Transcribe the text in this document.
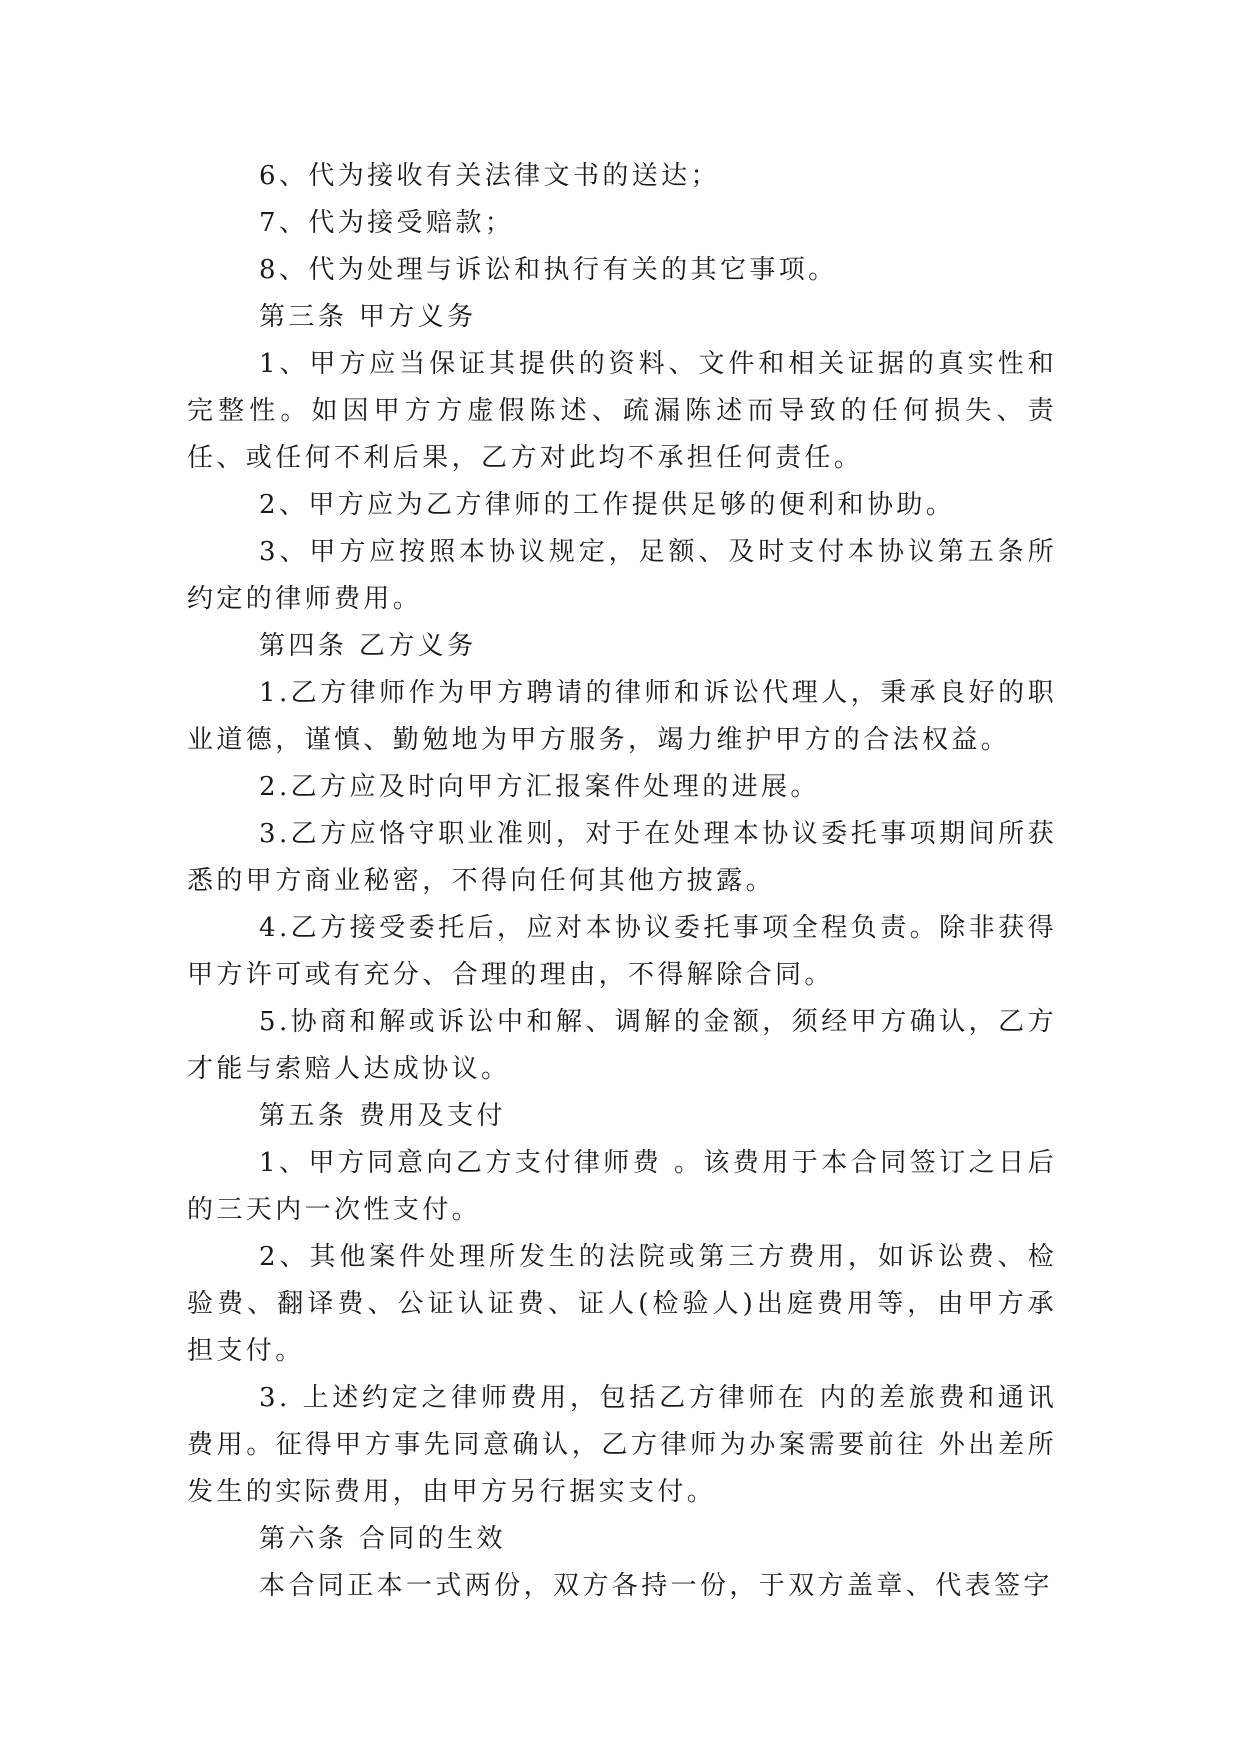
6、代为接收有关法律文书的送达；

7、代为接受赔款；

8、代为处理与诉讼和执行有关的其它事项。

第三条 甲方义务

1、甲方应当保证其提供的资料、文件和相关证据的真实性和完整性。如因甲方方虚假陈述、疏漏陈述而导致的任何损失、责任、或任何不利后果，乙方对此均不承担任何责任。

2、甲方应为乙方律师的工作提供足够的便利和协助。

3、甲方应按照本协议规定，足额、及时支付本协议第五条所约定的律师费用。

第四条 乙方义务

1.乙方律师作为甲方聘请的律师和诉讼代理人，秉承良好的职业道德，谨慎、勤勉地为甲方服务，竭力维护甲方的合法权益。

2.乙方应及时向甲方汇报案件处理的进展。

3.乙方应恪守职业准则，对于在处理本协议委托事项期间所获悉的甲方商业秘密，不得向任何其他方披露。

4.乙方接受委托后，应对本协议委托事项全程负责。除非获得甲方许可或有充分、合理的理由，不得解除合同。

5.协商和解或诉讼中和解、调解的金额，须经甲方确认，乙方才能与索赔人达成协议。

第五条 费用及支付

1、甲方同意向乙方支付律师费 。该费用于本合同签订之日后的三天内一次性支付。

2、其他案件处理所发生的法院或第三方费用，如诉讼费、检验费、翻译费、公证认证费、证人(检验人)出庭费用等，由甲方承担支付。

3. 上述约定之律师费用，包括乙方律师在 内的差旅费和通讯费用。征得甲方事先同意确认，乙方律师为办案需要前往 外出差所发生的实际费用，由甲方另行据实支付。

第六条 合同的生效

本合同正本一式两份，双方各持一份，于双方盖章、代表签字
